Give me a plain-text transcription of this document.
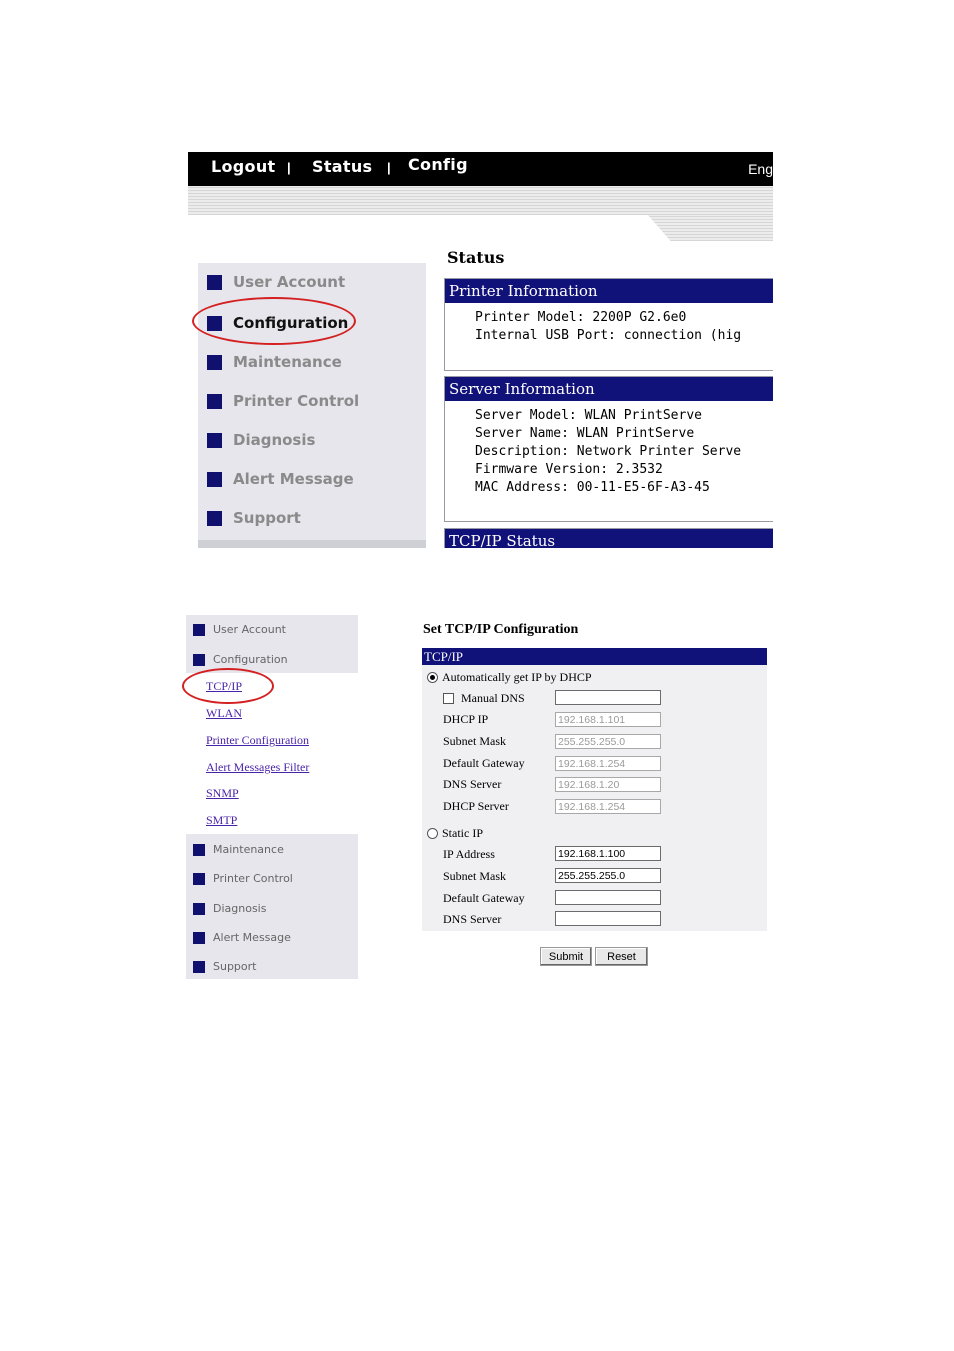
Logout | Status | Config	Eng
User Account
Configuration
Maintenance
Printer Control
Diagnosis
Alert Message
Support
Status
Printer Information
Printer Model: 2200P G2.6e0
Internal USB Port: connection (hig
Server Information
Server Model: WLAN PrintServe
Server Name: WLAN PrintServe
Description: Network Printer Serve
Firmware Version: 2.3532
MAC Address: 00-11-E5-6F-A3-45
TCP/IP Status
User Account
Configuration
TCP/IP
WLAN
Printer Configuration
Alert Messages Filter
SNMP
SMTP
Maintenance
Printer Control
Diagnosis
Alert Message
Support
Set TCP/IP Configuration
TCP/IP
Automatically get IP by DHCP
Manual DNS
DHCP IP	192.168.1.101
Subnet Mask	255.255.255.0
Default Gateway	192.168.1.254
DNS Server	192.168.1.20
DHCP Server	192.168.1.254
Static IP
IP Address	192.168.1.100
Subnet Mask	255.255.255.0
Default Gateway
DNS Server
Submit	Reset
